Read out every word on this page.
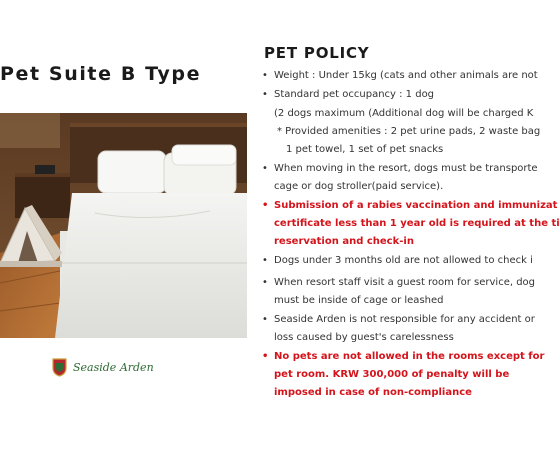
Pet Suite B Type
Seaside Arden
PET POLICY
• Weight : Under 15kg (cats and other animals are not
• Standard pet occupancy : 1 dog
(2 dogs maximum (Additional dog will be charged K
* Provided amenities : 2 pet urine pads, 2 waste bag
1 pet towel, 1 set of pet snacks
• When moving in the resort, dogs must be transporte
cage or dog stroller(paid service).
• Submission of a rabies vaccination and immunizat
certificate less than 1 year old is required at the ti
reservation and check-in
• Dogs under 3 months old are not allowed to check i
• When resort staff visit a guest room for service, dog
must be inside of cage or leashed
• Seaside Arden is not responsible for any accident or
loss caused by guest's carelessness
• No pets are not allowed in the rooms except for
pet room. KRW 300,000 of penalty will be
imposed in case of non-compliance
